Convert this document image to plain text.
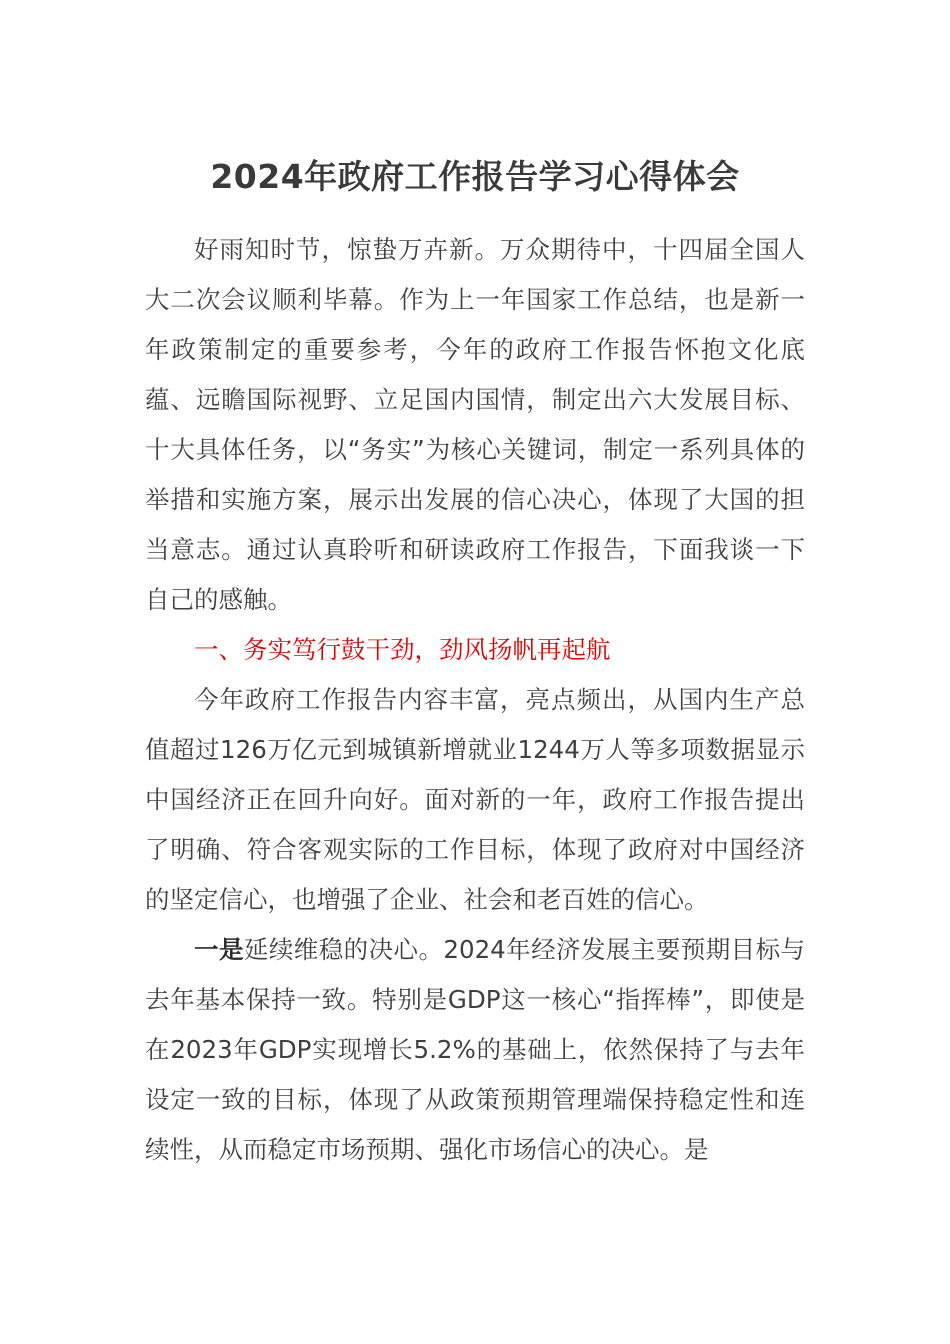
2024年政府工作报告学习心得体会

好雨知时节，惊蛰万卉新。万众期待中，十四届全国人大二次会议顺利毕幕。作为上一年国家工作总结，也是新一年政策制定的重要参考，今年的政府工作报告怀抱文化底蕴、远瞻国际视野、立足国内国情，制定出六大发展目标、十大具体任务，以“务实”为核心关键词，制定一系列具体的举措和实施方案，展示出发展的信心决心，体现了大国的担当意志。通过认真聆听和研读政府工作报告，下面我谈一下自己的感触。

一、务实笃行鼓干劲，劲风扬帆再起航

今年政府工作报告内容丰富，亮点频出，从国内生产总值超过126万亿元到城镇新增就业1244万人等多项数据显示中国经济正在回升向好。面对新的一年，政府工作报告提出了明确、符合客观实际的工作目标，体现了政府对中国经济的坚定信心，也增强了企业、社会和老百姓的信心。

一是延续维稳的决心。2024年经济发展主要预期目标与去年基本保持一致。特别是GDP这一核心“指挥棒”，即使是在2023年GDP实现增长5.2%的基础上，依然保持了与去年设定一致的目标，体现了从政策预期管理端保持稳定性和连续性，从而稳定市场预期、强化市场信心的决心。是
